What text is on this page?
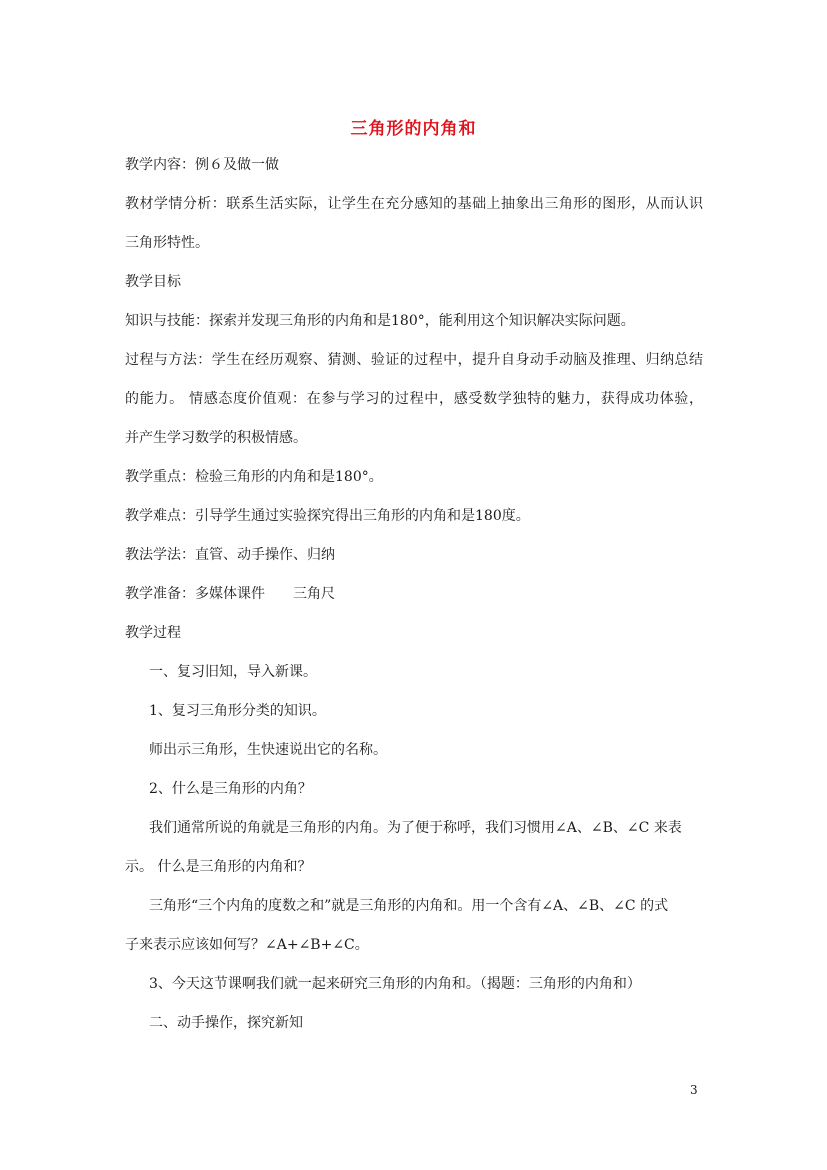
三角形的内角和
教学内容：例６及做一做
教材学情分析：联系生活实际，让学生在充分感知的基础上抽象出三角形的图形，从而认识
三角形特性。
教学目标
知识与技能：探索并发现三角形的内角和是180°，能利用这个知识解决实际问题。
过程与方法：学生在经历观察、猜测、验证的过程中，提升自身动手动脑及推理、归纳总结
的能力。 情感态度价值观：在参与学习的过程中，感受数学独特的魅力，获得成功体验，
并产生学习数学的积极情感。
教学重点：检验三角形的内角和是180°。
教学难点：引导学生通过实验探究得出三角形的内角和是180度。
教法学法：直管、动手操作、归纳
教学准备：多媒体课件　　三角尺
教学过程
一、复习旧知，导入新课。
1、复习三角形分类的知识。
师出示三角形，生快速说出它的名称。
2、什么是三角形的内角？
我们通常所说的角就是三角形的内角。为了便于称呼，我们习惯用∠A、∠B、∠C 来表
示。 什么是三角形的内角和？
三角形“三个内角的度数之和”就是三角形的内角和。用一个含有∠A、∠B、∠C 的式
子来表示应该如何写？∠A+∠B+∠C。
3、今天这节课啊我们就一起来研究三角形的内角和。（揭题：三角形的内角和）
二、动手操作，探究新知
3
